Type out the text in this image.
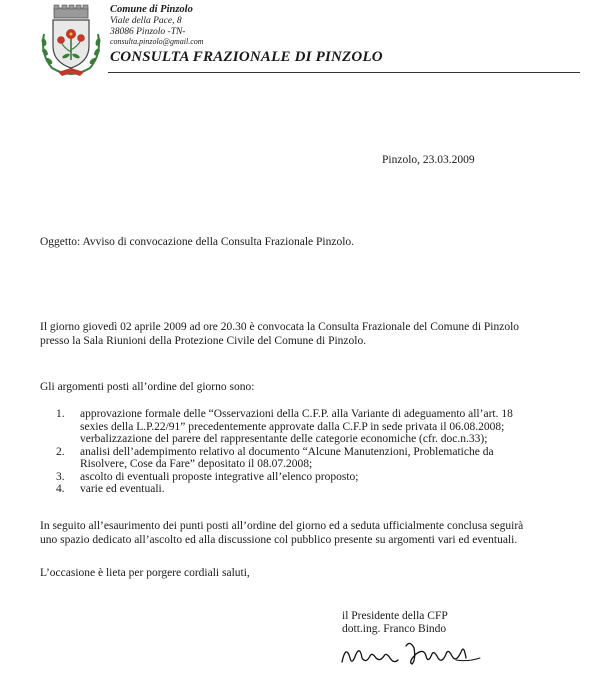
Comune di Pinzolo
Viale della Pace, 8
38086 Pinzolo -TN-
consulta.pinzolo@gmail.com
CONSULTA FRAZIONALE DI PINZOLO
Pinzolo, 23.03.2009
Oggetto: Avviso di convocazione della Consulta Frazionale Pinzolo.
Il giorno giovedì 02 aprile 2009 ad ore 20.30 è convocata la Consulta Frazionale del Comune di Pinzolo
presso la Sala Riunioni della Protezione Civile del Comune di Pinzolo.
Gli argomenti posti all’ordine del giorno sono:
1. approvazione formale delle “Osservazioni della C.F.P. alla Variante di adeguamento all’art. 18
sexies della L.P.22/91” precedentemente approvate dalla C.F.P in sede privata il 06.08.2008;
verbalizzazione del parere del rappresentante delle categorie economiche (cfr. doc.n.33);
2. analisi dell’adempimento relativo al documento “Alcune Manutenzioni, Problematiche da
Risolvere, Cose da Fare” depositato il 08.07.2008;
3. ascolto di eventuali proposte integrative all’elenco proposto;
4. varie ed eventuali.
In seguito all’esaurimento dei punti posti all’ordine del giorno ed a seduta ufficialmente conclusa seguirà
uno spazio dedicato all’ascolto ed alla discussione col pubblico presente su argomenti vari ed eventuali.
L’occasione è lieta per porgere cordiali saluti,
il Presidente della CFP
dott.ing. Franco Bindo
